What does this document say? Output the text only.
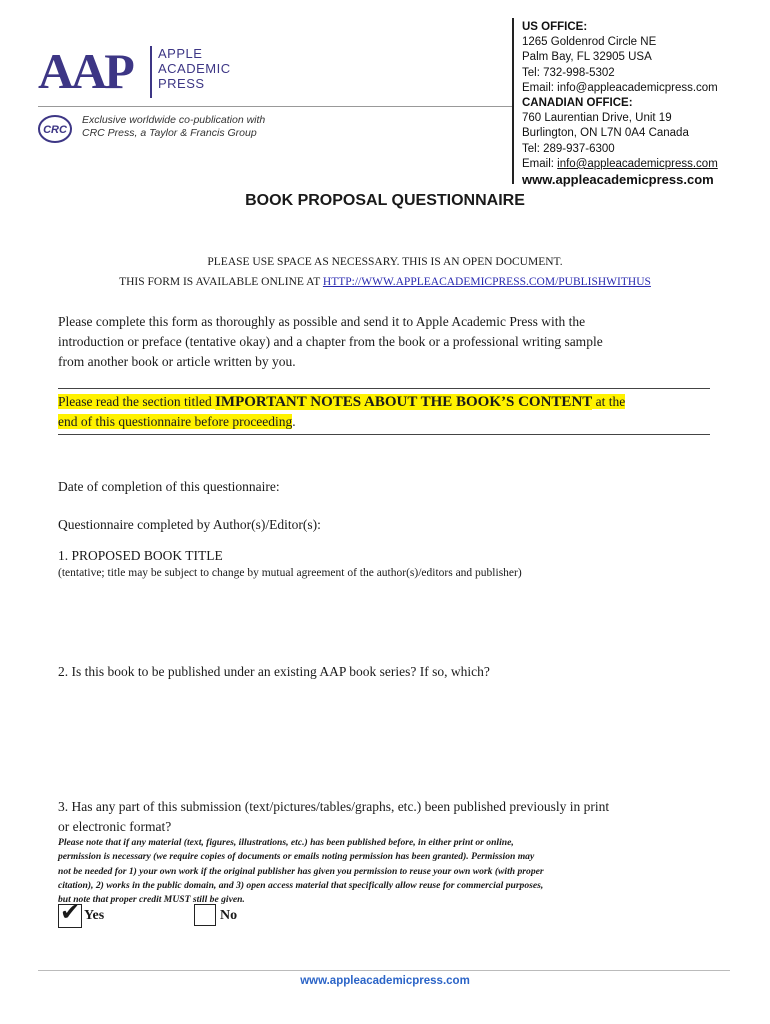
AAP	APPLE
ACADEMIC
PRESS
CRC
Exclusive worldwide co-publication with
CRC Press, a Taylor & Francis Group
US OFFICE:
1265 Goldenrod Circle NE
Palm Bay, FL 32905 USA
Tel: 732-998-5302
Email: info@appleacademicpress.com
CANADIAN OFFICE:
760 Laurentian Drive, Unit 19
Burlington, ON L7N 0A4 Canada
Tel: 289-937-6300
Email: info@appleacademicpress.com
www.appleacademicpress.com
BOOK PROPOSAL QUESTIONNAIRE
PLEASE USE SPACE AS NECESSARY. THIS IS AN OPEN DOCUMENT.
THIS FORM IS AVAILABLE ONLINE AT HTTP://WWW.APPLEACADEMICPRESS.COM/PUBLISHWITHUS
Please complete this form as thoroughly as possible and send it to Apple Academic Press with the
introduction or preface (tentative okay) and a chapter from the book or a professional writing sample
from another book or article written by you.
Please read the section titled IMPORTANT NOTES ABOUT THE BOOK’S CONTENT at the
end of this questionnaire before proceeding.
Date of completion of this questionnaire:
Questionnaire completed by Author(s)/Editor(s):
1. PROPOSED BOOK TITLE
(tentative; title may be subject to change by mutual agreement of the author(s)/editors and publisher)
2. Is this book to be published under an existing AAP book series? If so, which?
3. Has any part of this submission (text/pictures/tables/graphs, etc.) been published previously in print
or electronic format?
Please note that if any material (text, figures, illustrations, etc.) has been published before, in either print or online,
permission is necessary (we require copies of documents or emails noting permission has been granted). Permission may
not be needed for 1) your own work if the original publisher has given you permission to reuse your own work (with proper
citation), 2) works in the public domain, and 3) open access material that specifically allow reuse for commercial purposes,
but note that proper credit MUST still be given.
✔ Yes	No
www.appleacademicpress.com
